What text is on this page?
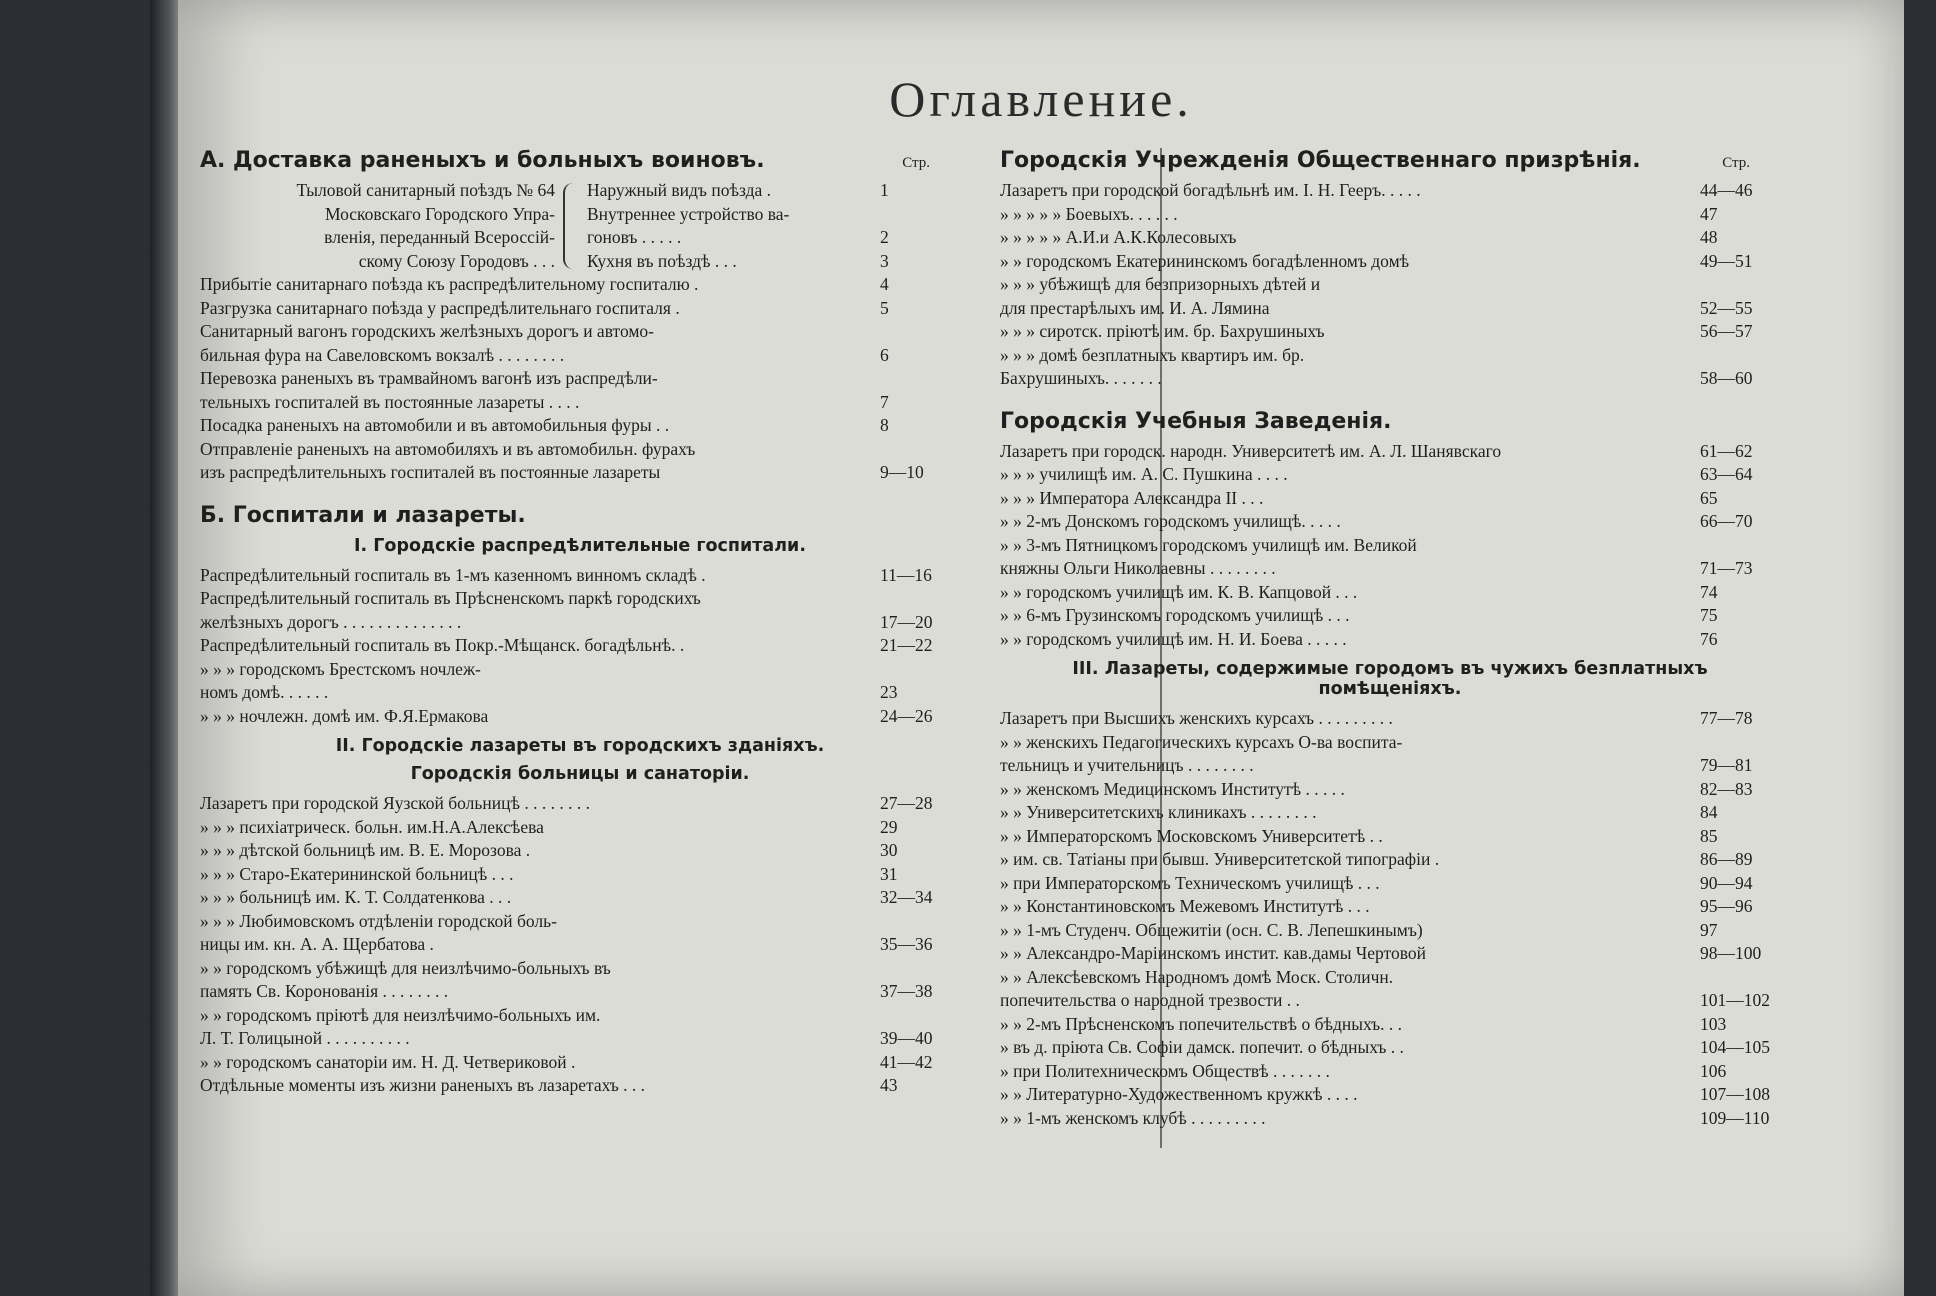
Оглавление.
А. Доставка раненыхъ и больныхъ воиновъ.	Стр.
Тыловой санитарный поѣздъ № 64
Московскаго Городского Упра-
вленія, переданный Всероссiй-
скому Союзу Городовъ . . .
Наружный видъ поѣзда .	1
Внутреннее устройство ва-
гоновъ . . . . .	2
Кухня въ поѣздѣ . . .	3
Прибытіе санитарнаго поѣзда къ распредѣлительному госпиталю .	4
Разгрузка санитарнаго поѣзда у распредѣлительнаго госпиталя .	5
Санитарный вагонъ городскихъ желѣзныхъ дорогъ и автомо-
бильная фура на Савеловскомъ вокзалѣ . . . . . . . .	6
Перевозка раненыхъ въ трамвайномъ вагонѣ изъ распредѣли-
тельныхъ госпиталей въ постоянные лазареты . . . .	7
Посадка раненыхъ на автомобили и въ автомобильныя фуры . .	8
Отправленіе раненыхъ на автомобиляхъ и въ автомобильн. фурахъ
изъ распредѣлительныхъ госпиталей въ постоянные лазареты	9—10
Б. Госпитали и лазареты.
I. Городскiе распредѣлительные госпитали.
Распредѣлительный госпиталь въ 1-мъ казенномъ винномъ складѣ .	11—16
Распредѣлительный госпиталь въ Прѣсненскомъ паркѣ городскихъ
желѣзныхъ дорогъ . . . . . . . . . . . . . .	17—20
Распредѣлительный госпиталь въ Покр.-Мѣщанск. богадѣльнѣ. .	21—22
» » » городскомъ Брестскомъ ночлеж-
номъ домѣ. . . . . .	23
» » » ночлежн. домѣ им. Ф.Я.Ермакова	24—26
II. Городскiе лазареты въ городскихъ зданiяхъ.
Городскiя больницы и санаторiи.
Лазаретъ при городской Яузской больницѣ . . . . . . . .	27—28
» » » психiатрическ. больн. им.Н.А.Алексѣева	29
» » » дѣтской больницѣ им. В. Е. Морозова .	30
» » » Старо-Екатерининской больницѣ . . .	31
» » » больницѣ им. К. Т. Солдатенкова . . .	32—34
» » » Любимовскомъ отдѣленiи городской боль-
ницы им. кн. А. А. Щербатова .	35—36
» » городскомъ убѣжищѣ для неизлѣчимо-больныхъ въ
память Св. Коронованiя . . . . . . . .	37—38
» » городскомъ прiютѣ для неизлѣчимо-больныхъ им.
Л. Т. Голицыной . . . . . . . . . .	39—40
» » городскомъ санаторiи им. Н. Д. Четвериковой .	41—42
Отдѣльные моменты изъ жизни раненыхъ въ лазаретахъ . . .	43
Городскiя Учрежденiя Общественнаго призрѣнiя.	Стр.
Лазаретъ при городской богадѣльнѣ им. I. Н. Гееръ. . . . .	44—46
» » » » » Боевыхъ. . . . . .	47
» » » » » А.И.и А.К.Колесовыхъ	48
» » городскомъ Екатерининскомъ богадѣленномъ домѣ	49—51
» » » убѣжищѣ для безпризорныхъ дѣтей и
для престарѣлыхъ им. И. А. Лямина	52—55
» » » сиротск. прiютѣ им. бр. Бахрушиныхъ	56—57
» » » домѣ безплатныхъ квартиръ им. бр.
Бахрушиныхъ. . . . . . .	58—60
Городскiя Учебныя Заведенiя.
Лазаретъ при городск. народн. Университетѣ им. А. Л. Шанявскаго	61—62
» » » училищѣ им. А. С. Пушкина . . . .	63—64
» » » Императора Александра II . . .	65
» » 2-мъ Донскомъ городскомъ училищѣ. . . . .	66—70
» » 3-мъ Пятницкомъ городскомъ училищѣ им. Великой
княжны Ольги Николаевны . . . . . . . .	71—73
» » городскомъ училищѣ им. К. В. Капцовой . . .	74
» » 6-мъ Грузинскомъ городскомъ училищѣ . . .	75
» » городскомъ училищѣ им. Н. И. Боева . . . . .	76
III. Лазареты, содержимые городомъ въ чужихъ безплатныхъ помѣщенiяхъ.
Лазаретъ при Высшихъ женскихъ курсахъ . . . . . . . . .	77—78
» » женскихъ Педагогическихъ курсахъ О-ва воспита-
тельницъ и учительницъ . . . . . . . .	79—81
» » женскомъ Медицинскомъ Институтѣ . . . . .	82—83
» » Университетскихъ клиникахъ . . . . . . . .	84
» » Императорскомъ Московскомъ Университетѣ . .	85
» им. св. Татiаны при бывш. Университетской типографiи .	86—89
» при Императорскомъ Техническомъ училищѣ . . .	90—94
» » Константиновскомъ Межевомъ Институтѣ . . .	95—96
» » 1-мъ Студенч. Общежитiи (осн. С. В. Лепешкинымъ)	97
» » Александро-Марiинскомъ инстит. кав.дамы Чертовой	98—100
» » Алексѣевскомъ Народномъ домѣ Моск. Столичн.
попечительства о народной трезвости . .	101—102
» » 2-мъ Прѣсненскомъ попечительствѣ о бѣдныхъ. . .	103
» въ д. прiюта Св. Софiи дамск. попечит. о бѣдныхъ . .	104—105
» при Политехническомъ Обществѣ . . . . . . .	106
» » Литературно-Художественномъ кружкѣ . . . .	107—108
» » 1-мъ женскомъ клубѣ . . . . . . . . .	109—110
